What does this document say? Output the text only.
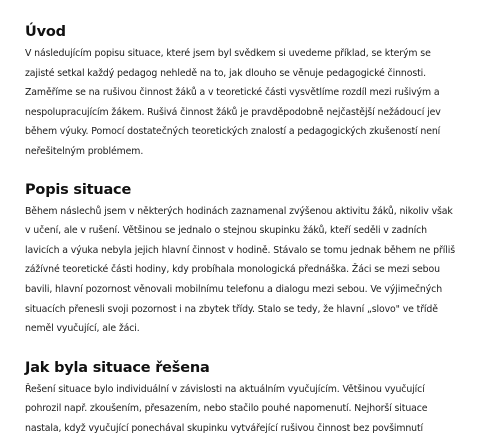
Úvod
V následujícím popisu situace, které jsem byl svědkem si uvedeme příklad, se kterým se
zajisté setkal každý pedagog nehledě na to, jak dlouho se věnuje pedagogické činnosti.
Zaměříme se na rušivou činnost žáků a v teoretické části vysvětlíme rozdíl mezi rušivým a
nespolupracujícím žákem. Rušivá činnost žáků je pravděpodobně nejčastější nežádoucí jev
během výuky. Pomocí dostatečných teoretických znalostí a pedagogických zkušeností není
neřešitelným problémem.
Popis situace
Během náslechů jsem v některých hodinách zaznamenal zvýšenou aktivitu žáků, nikoliv však
v učení, ale v rušení. Většinou se jednalo o stejnou skupinku žáků, kteří seděli v zadních
lavicích a výuka nebyla jejich hlavní činnost v hodině. Stávalo se tomu jednak během ne příliš
zážívné teoretické části hodiny, kdy probíhala monologická přednáška. Žáci se mezi sebou
bavili, hlavní pozornost věnovali mobilnímu telefonu a dialogu mezi sebou. Ve výjimečných
situacích přenesli svoji pozornost i na zbytek třídy. Stalo se tedy, že hlavní „slovo" ve třídě
neměl vyučující, ale žáci.
Jak byla situace řešena
Řešení situace bylo individuální v závislosti na aktuálním vyučujícím. Většinou vyučující
pohrozil např. zkoušením, přesazením, nebo stačilo pouhé napomenutí. Nejhorší situace
nastala, když vyučující ponechával skupinku vytvářející rušivou činnost bez povšimnutí
